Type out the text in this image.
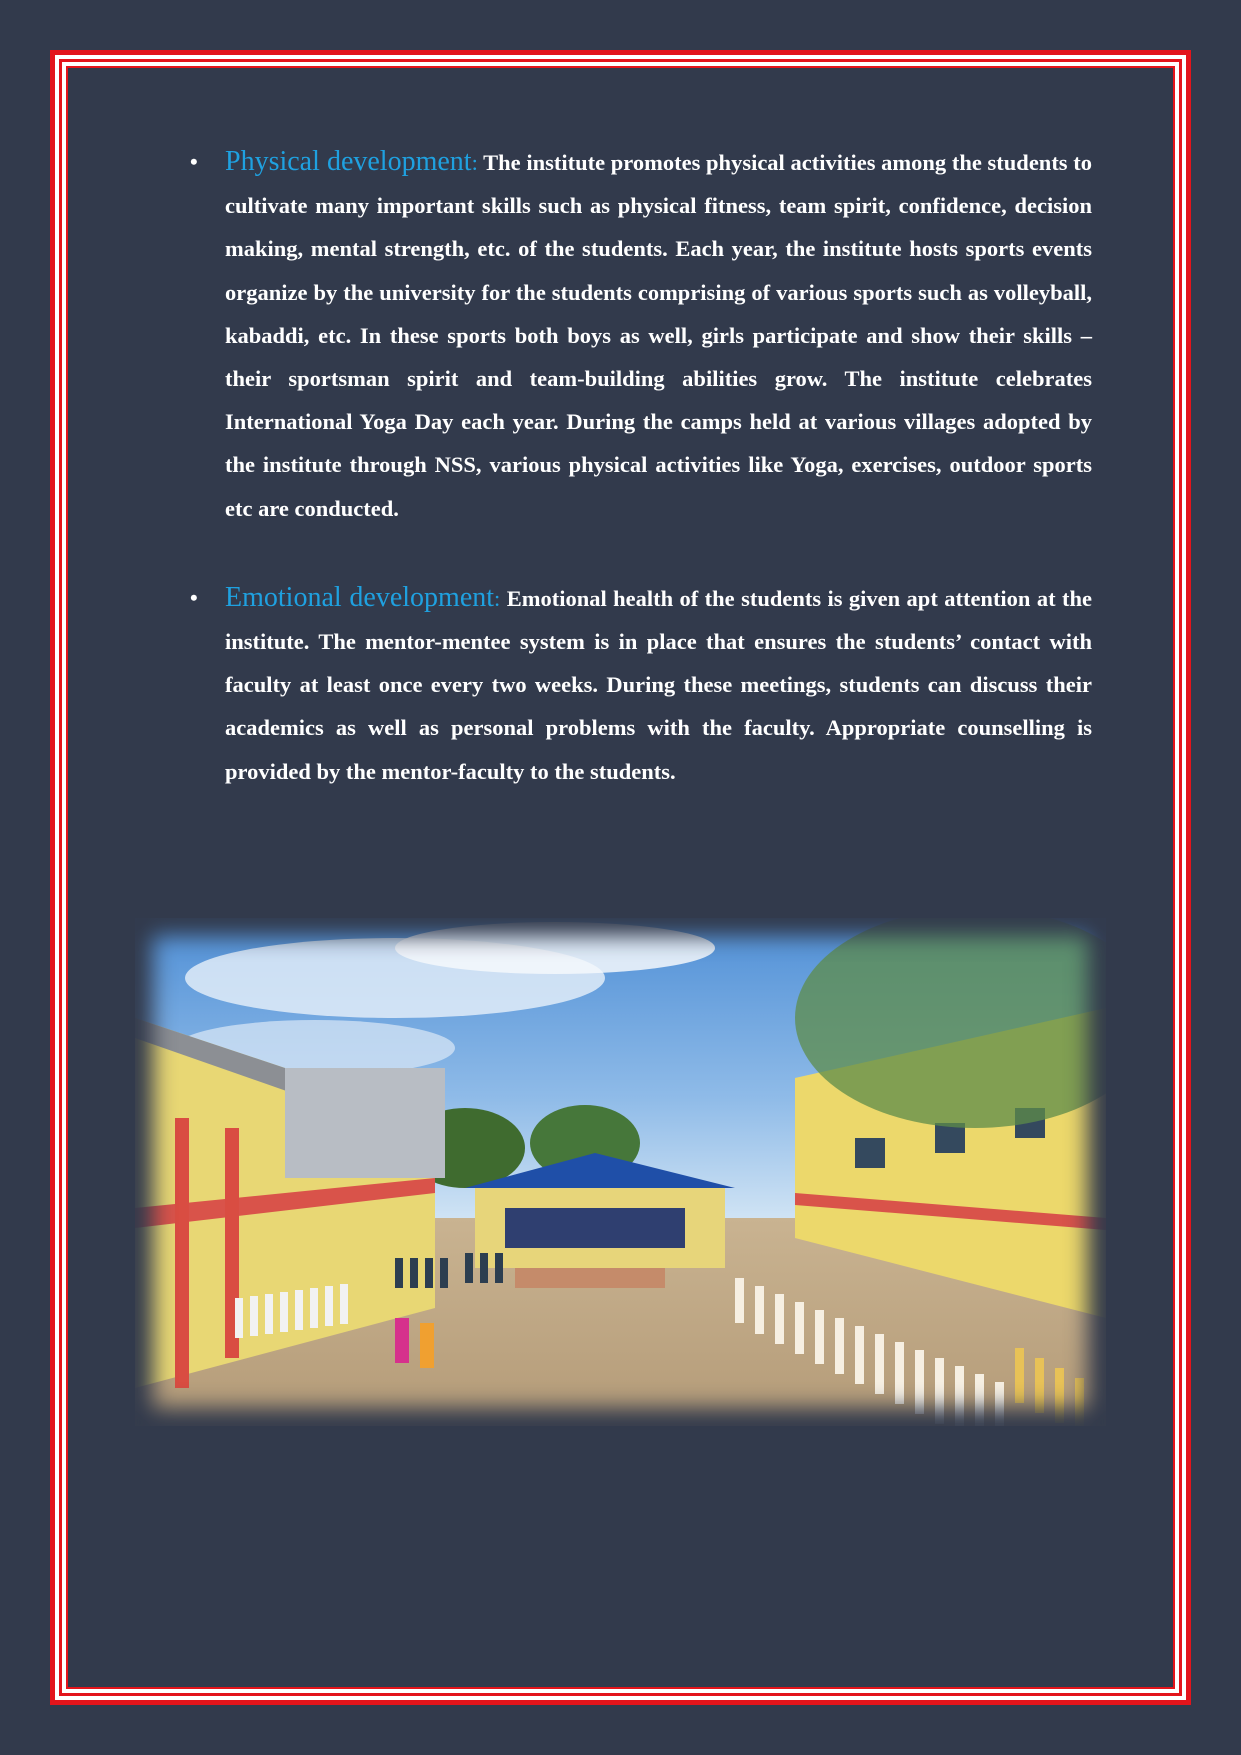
• Physical development: The institute promotes physical activities among the students to cultivate many important skills such as physical fitness, team spirit, confidence, decision making, mental strength, etc. of the students. Each year, the institute hosts sports events organize by the university for the students comprising of various sports such as volleyball, kabaddi, etc. In these sports both boys as well, girls participate and show their skills – their sportsman spirit and team-building abilities grow. The institute celebrates International Yoga Day each year. During the camps held at various villages adopted by the institute through NSS, various physical activities like Yoga, exercises, outdoor sports etc are conducted.
• Emotional development: Emotional health of the students is given apt attention at the institute. The mentor-mentee system is in place that ensures the students’ contact with faculty at least once every two weeks. During these meetings, students can discuss their academics as well as personal problems with the faculty. Appropriate counselling is provided by the mentor-faculty to the students.
